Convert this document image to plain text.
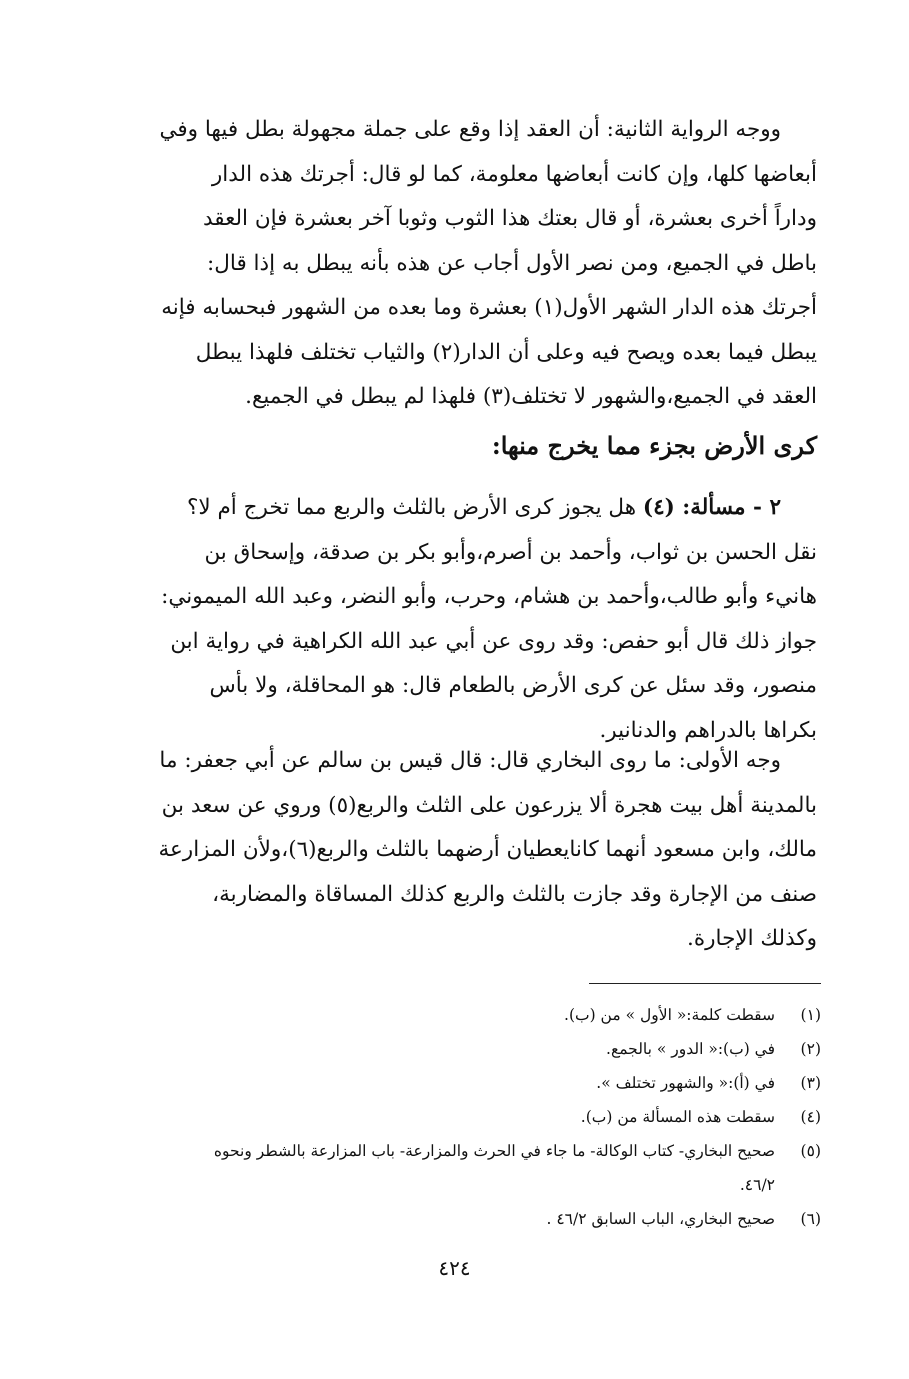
ووجه الرواية الثانية: أن العقد إذا وقع على جملة مجهولة بطل فيها وفي
أبعاضها كلها، وإن كانت أبعاضها معلومة، كما لو قال: أجرتك هذه الدار
وداراً أخرى بعشرة، أو قال بعتك هذا الثوب وثوبا آخر بعشرة فإن العقد
باطل في الجميع، ومن نصر الأول أجاب عن هذه بأنه يبطل به إذا قال:
أجرتك هذه الدار الشهر الأول(١) بعشرة وما بعده من الشهور فبحسابه فإنه
يبطل فيما بعده ويصح فيه وعلى أن الدار(٢) والثياب تختلف فلهذا يبطل
العقد في الجميع،والشهور لا تختلف(٣) فلهذا لم يبطل في الجميع.
كرى الأرض بجزء مما يخرج منها:
٢ - مسألة: (٤) هل يجوز كرى الأرض بالثلث والربع مما تخرج أم لا؟
نقل الحسن بن ثواب، وأحمد بن أصرم،وأبو بكر بن صدقة، وإسحاق بن
هانيء وأبو طالب،وأحمد بن هشام، وحرب، وأبو النضر، وعبد الله الميموني:
جواز ذلك قال أبو حفص: وقد روى عن أبي عبد الله الكراهية في رواية ابن
منصور، وقد سئل عن كرى الأرض بالطعام قال: هو المحاقلة، ولا بأس
بكراها بالدراهم والدنانير.
وجه الأولى: ما روى البخاري قال: قال قيس بن سالم عن أبي جعفر: ما
بالمدينة أهل بيت هجرة ألا يزرعون على الثلث والربع(٥) وروي عن سعد بن
مالك، وابن مسعود أنهما كانايعطيان أرضهما بالثلث والربع(٦)،ولأن المزارعة
صنف من الإجارة وقد جازت بالثلث والربع كذلك المساقاة والمضاربة،
وكذلك الإجارة.
(١)
سقطت كلمة:« الأول » من (ب).
(٢)
في (ب):« الدور » بالجمع.
(٣)
في (أ):« والشهور تختلف ».
(٤)
سقطت هذه المسألة من (ب).
(٥)
صحيح البخاري- كتاب الوكالة- ما جاء في الحرث والمزارعة- باب المزارعة بالشطر ونحوه
٤٦/٢.
(٦)
صحيح البخاري، الباب السابق ٤٦/٢ .
٤٢٤
